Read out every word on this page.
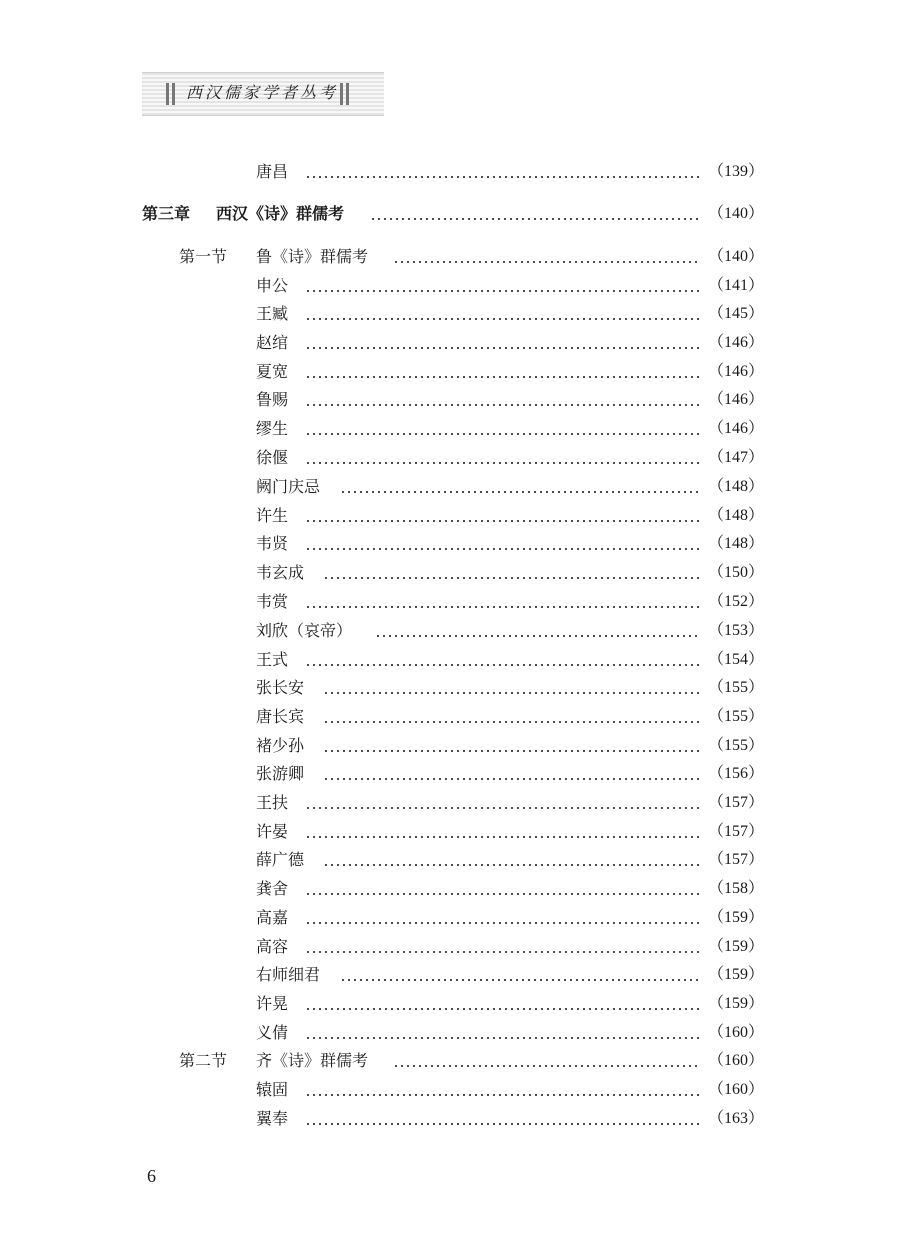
西汉儒家学者丛考
唐昌	（139）
第三章 西汉《诗》群儒考	（140）
第一节 鲁《诗》群儒考	（140）
申公	（141）
王臧	（145）
赵绾	（146）
夏宽	（146）
鲁赐	（146）
缪生	（146）
徐偃	（147）
阙门庆忌	（148）
许生	（148）
韦贤	（148）
韦玄成	（150）
韦赏	（152）
刘欣（哀帝）	（153）
王式	（154）
张长安	（155）
唐长宾	（155）
褚少孙	（155）
张游卿	（156）
王扶	（157）
许晏	（157）
薛广德	（157）
龚舍	（158）
高嘉	（159）
高容	（159）
右师细君	（159）
许晃	（159）
义倩	（160）
第二节 齐《诗》群儒考	（160）
辕固	（160）
翼奉	（163）
6
